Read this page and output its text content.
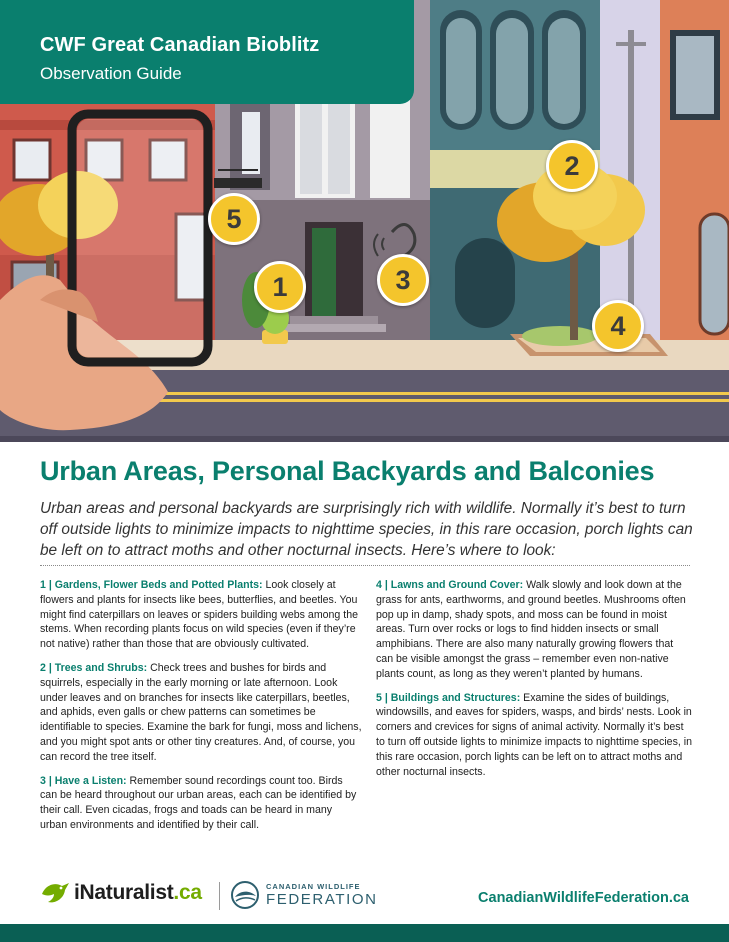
CWF Great Canadian Bioblitz
Observation Guide
1
2
3
4
5
Urban Areas, Personal Backyards and Balconies

Urban areas and personal backyards are surprisingly rich with wildlife. Normally it’s best to turn off outside lights to minimize impacts to nighttime species, in this rare occasion, porch lights can be left on to attract moths and other nocturnal insects. Here’s where to look:

1 | Gardens, Flower Beds and Potted Plants: Look closely at flowers and plants for insects like bees, butterflies, and beetles. You might find caterpillars on leaves or spiders building webs among the stems. When recording plants focus on wild species (even if they’re not native) rather than those that are obviously cultivated.

2 | Trees and Shrubs: Check trees and bushes for birds and squirrels, especially in the early morning or late afternoon. Look under leaves and on branches for insects like caterpillars, beetles, and aphids, even galls or chew patterns can sometimes be identifiable to species. Examine the bark for fungi, moss and lichens, and you might spot ants or other tiny creatures. And, of course, you can record the tree itself.

3 | Have a Listen: Remember sound recordings count too. Birds can be heard throughout our urban areas, each can be identified by their call. Even cicadas, frogs and toads can be heard in many urban environments and identified by their call.

4 | Lawns and Ground Cover: Walk slowly and look down at the grass for ants, earthworms, and ground beetles. Mushrooms often pop up in damp, shady spots, and moss can be found in moist areas. Turn over rocks or logs to find hidden insects or small amphibians. There are also many naturally growing flowers that can be visible amongst the grass – remember even non-native plants count, as long as they weren’t planted by humans.

5 | Buildings and Structures: Examine the sides of buildings, windowsills, and eaves for spiders, wasps, and birds’ nests. Look in corners and crevices for signs of animal activity. Normally it’s best to turn off outside lights to minimize impacts to nighttime species, in this rare occasion, porch lights can be left on to attract moths and other nocturnal insects.

iNaturalist.ca	CANADIAN WILDLIFE
FEDERATION	CanadianWildlifeFederation.ca
